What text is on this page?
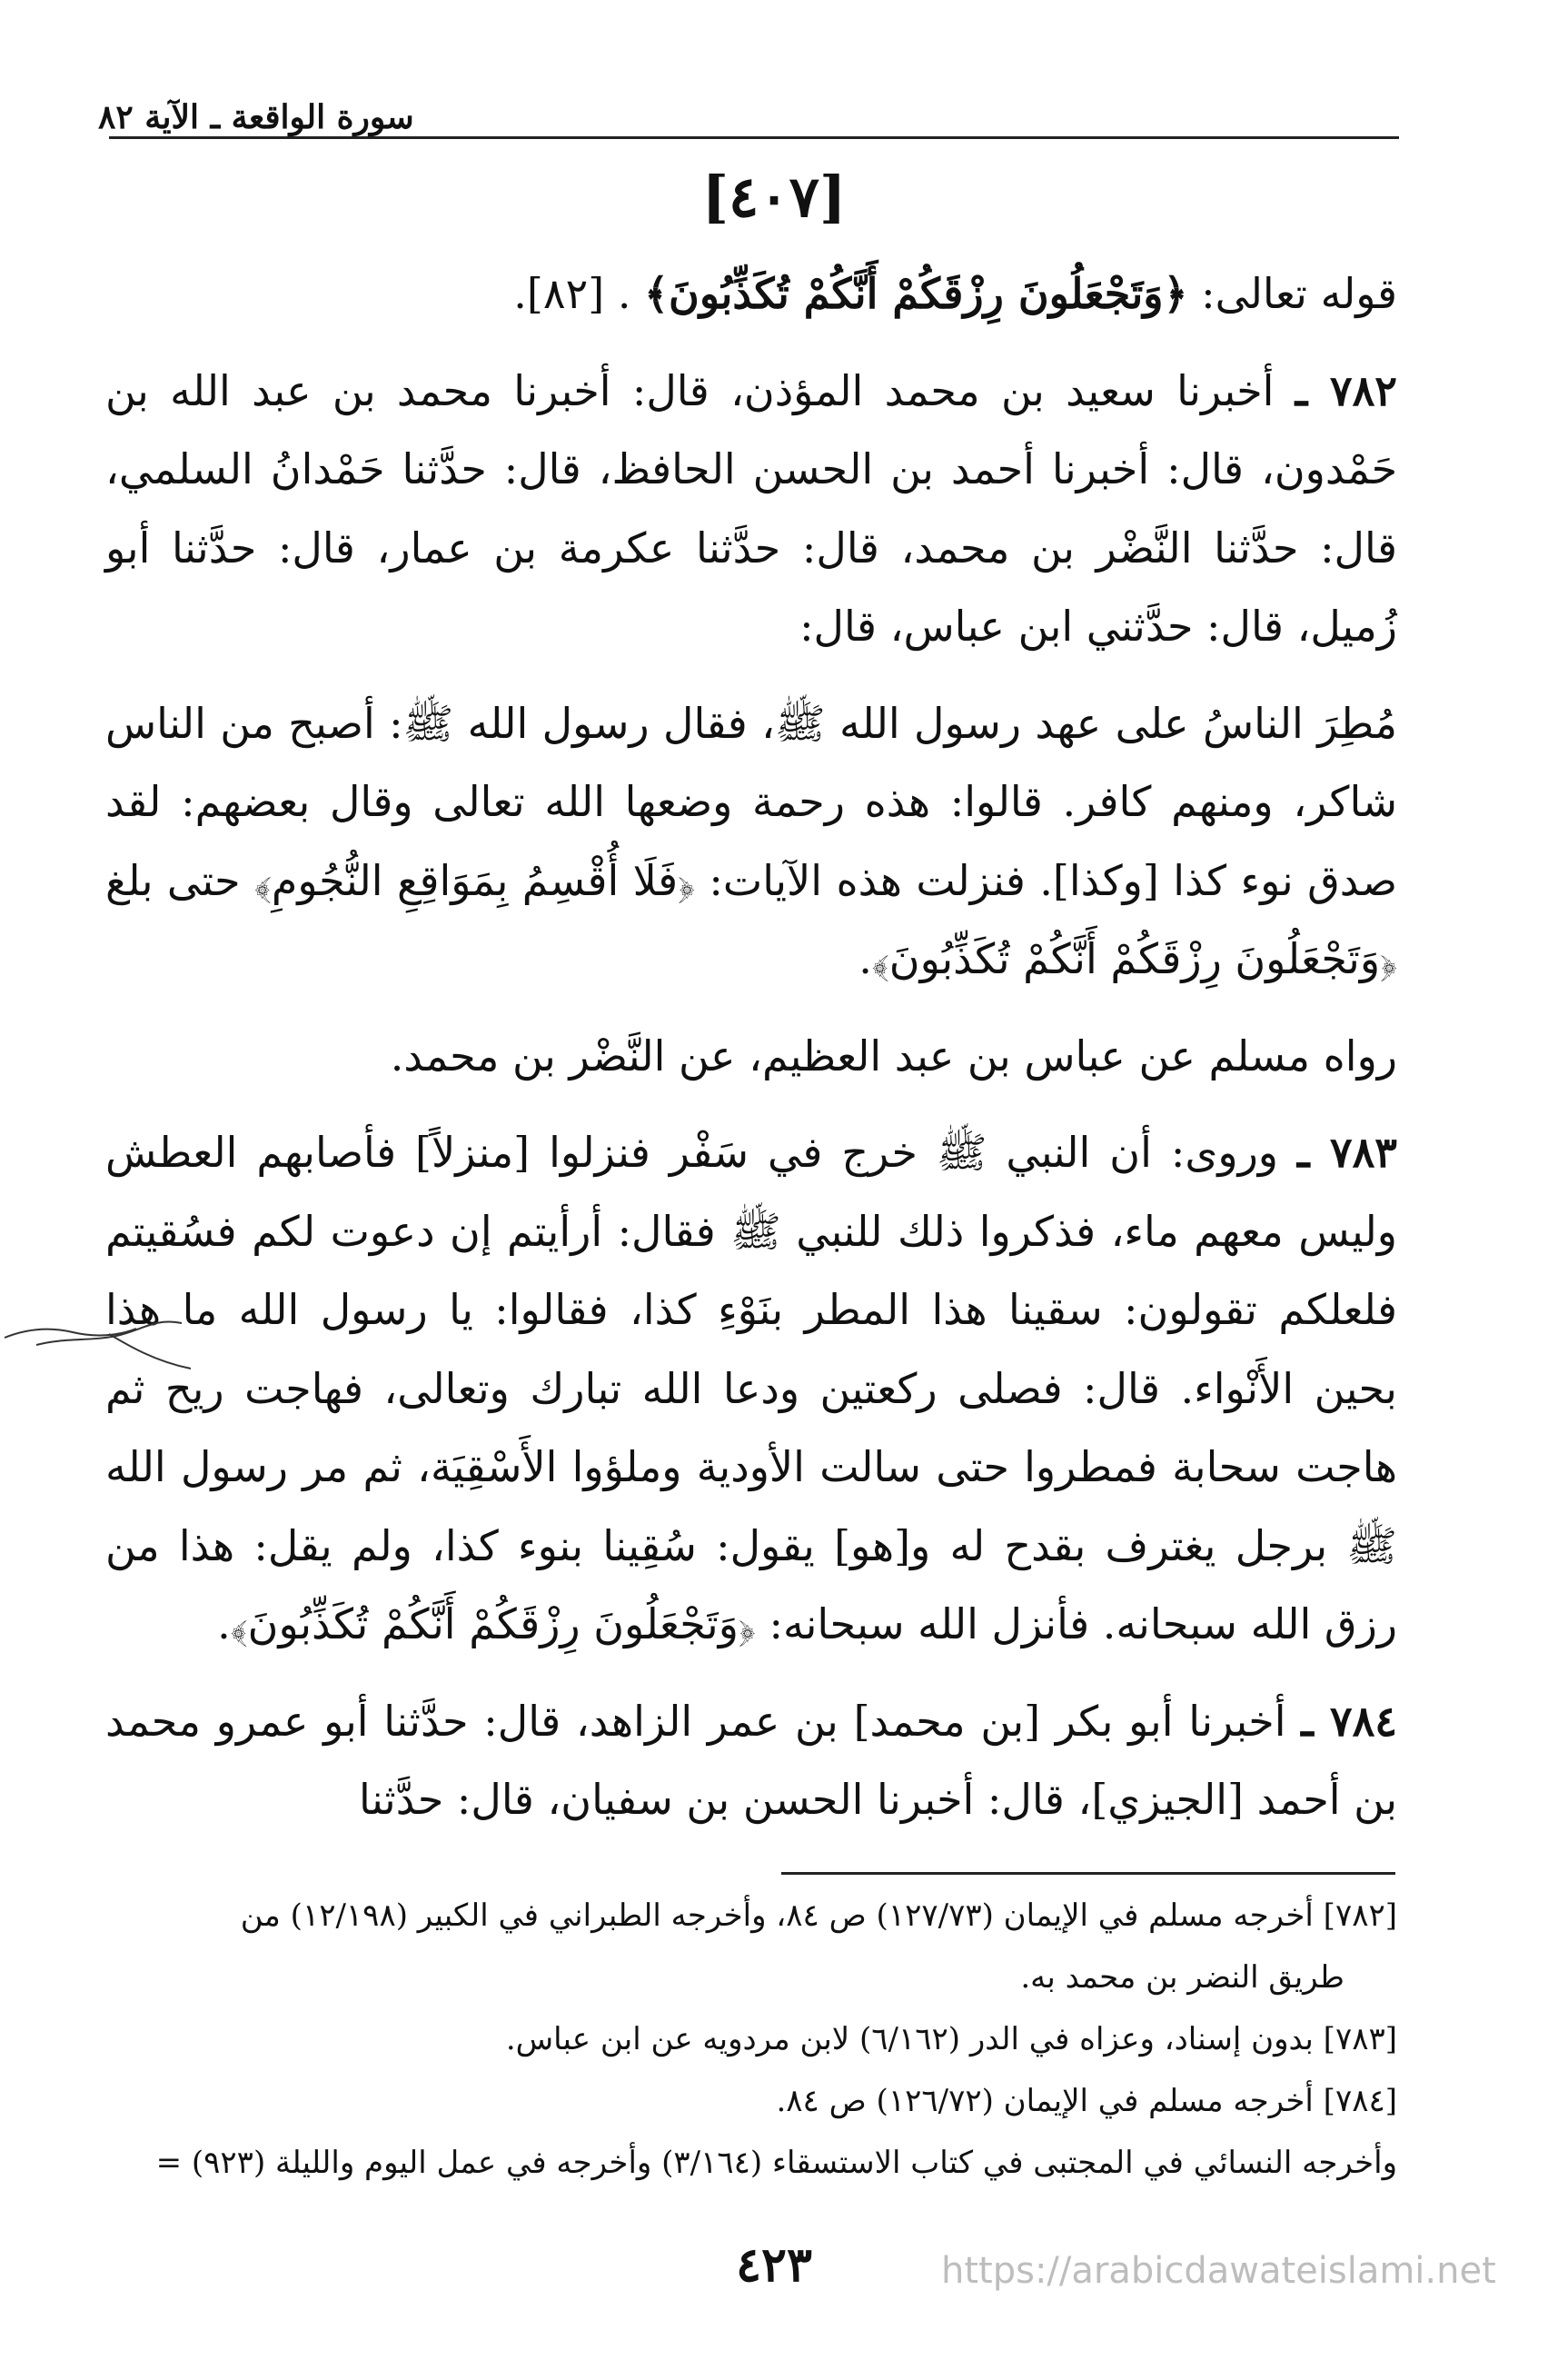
سورة الواقعة ـ الآية ٨٢
[٤٠٧]

قوله تعالى: ﴿وَتَجْعَلُونَ رِزْقَكُمْ أَنَّكُمْ تُكَذِّبُونَ﴾ . [٨٢].

٧٨٢ ـ أخبرنا سعيد بن محمد المؤذن، قال: أخبرنا محمد بن عبد الله بن حَمْدون، قال: أخبرنا أحمد بن الحسن الحافظ، قال: حدَّثنا حَمْدانُ السلمي، قال: حدَّثنا النَّضْر بن محمد، قال: حدَّثنا عكرمة بن عمار، قال: حدَّثنا أبو زُميل، قال: حدَّثني ابن عباس، قال:

مُطِرَ الناسُ على عهد رسول الله ﷺ، فقال رسول الله ﷺ: أصبح من الناس شاكر، ومنهم كافر. قالوا: هذه رحمة وضعها الله تعالى وقال بعضهم: لقد صدق نوء كذا [وكذا]. فنزلت هذه الآيات: ﴿فَلَا أُقْسِمُ بِمَوَاقِعِ النُّجُومِ﴾ حتى بلغ ﴿وَتَجْعَلُونَ رِزْقَكُمْ أَنَّكُمْ تُكَذِّبُونَ﴾.

رواه مسلم عن عباس بن عبد العظيم، عن النَّضْر بن محمد.

٧٨٣ ـ وروى: أن النبي ﷺ خرج في سَفْر فنزلوا [منزلاً] فأصابهم العطش وليس معهم ماء، فذكروا ذلك للنبي ﷺ فقال: أرأيتم إن دعوت لكم فسُقيتم فلعلكم تقولون: سقينا هذا المطر بنَوْءِ كذا، فقالوا: يا رسول الله ما هذا بحين الأَنْواء. قال: فصلى ركعتين ودعا الله تبارك وتعالى، فهاجت ريح ثم هاجت سحابة فمطروا حتى سالت الأودية وملؤوا الأَسْقِيَة، ثم مر رسول الله ﷺ برجل يغترف بقدح له و[هو] يقول: سُقِينا بنوء كذا، ولم يقل: هذا من رزق الله سبحانه. فأنزل الله سبحانه: ﴿وَتَجْعَلُونَ رِزْقَكُمْ أَنَّكُمْ تُكَذِّبُونَ﴾.

٧٨٤ ـ أخبرنا أبو بكر [بن محمد] بن عمر الزاهد، قال: حدَّثنا أبو عمرو محمد بن أحمد [الجيزي]، قال: أخبرنا الحسن بن سفيان، قال: حدَّثنا

[٧٨٢] أخرجه مسلم في الإيمان (١٢٧/٧٣) ص ٨٤، وأخرجه الطبراني في الكبير (١٢/١٩٨) من

طريق النضر بن محمد به.

[٧٨٣] بدون إسناد، وعزاه في الدر (٦/١٦٢) لابن مردويه عن ابن عباس.

[٧٨٤] أخرجه مسلم في الإيمان (١٢٦/٧٢) ص ٨٤.

وأخرجه النسائي في المجتبى في كتاب الاستسقاء (٣/١٦٤) وأخرجه في عمل اليوم والليلة (٩٢٣) =

٤٢٣	https://arabicdawateislami.net
